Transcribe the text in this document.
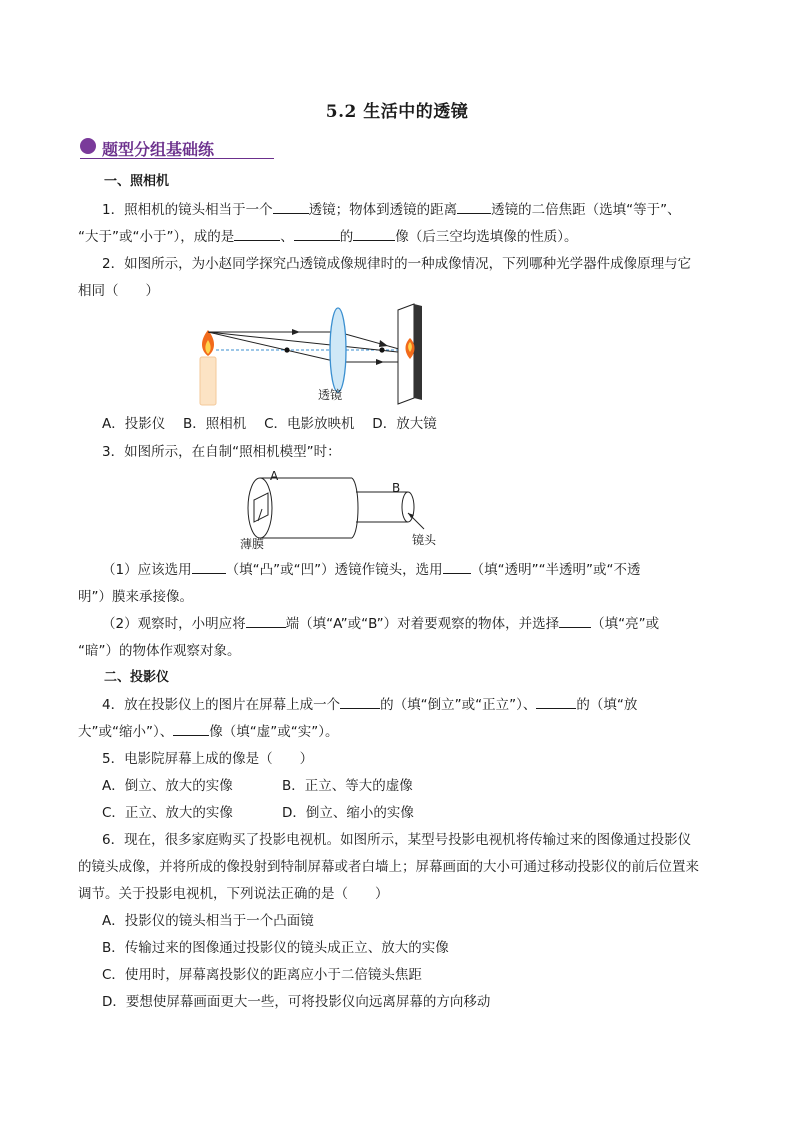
5.2 生活中的透镜
题型分组基础练
一、照相机
1．照相机的镜头相当于一个	透镜；物体到透镜的距离	透镜的二倍焦距（选填“等于”、
“大于”或“小于”），成的是	、	的	像（后三空均选填像的性质）。
2．如图所示，为小赵同学探究凸透镜成像规律时的一种成像情况，下列哪种光学器件成像原理与它
相同（　　）
透镜
A．投影仪　 B．照相机　 C．电影放映机　 D．放大镜
3．如图所示，在自制“照相机模型”时：
A
B
薄膜	镜头
（1）应该选用	（填“凸”或“凹”）透镜作镜头，选用 （填“透明”“半透明”或“不透
明”）膜来承接像。
（2）观察时，小明应将	端（填“A”或“B”）对着要观察的物体，并选择 （填“亮”或
“暗”）的物体作观察对象。
二、投影仪
4．放在投影仪上的图片在屏幕上成一个	的（填“倒立”或“正立”）、	的（填“放
大”或“缩小”）、	像（填“虚”或“实”）。
5．电影院屏幕上成的像是（　　）
A．倒立、放大的实像	B．正立、等大的虚像
C．正立、放大的实像	D．倒立、缩小的实像
6．现在，很多家庭购买了投影电视机。如图所示，某型号投影电视机将传输过来的图像通过投影仪
的镜头成像，并将所成的像投射到特制屏幕或者白墙上；屏幕画面的大小可通过移动投影仪的前后位置来
调节。关于投影电视机，下列说法正确的是（　　）
A．投影仪的镜头相当于一个凸面镜
B．传输过来的图像通过投影仪的镜头成正立、放大的实像
C．使用时，屏幕离投影仪的距离应小于二倍镜头焦距
D．要想使屏幕画面更大一些，可将投影仪向远离屏幕的方向移动
